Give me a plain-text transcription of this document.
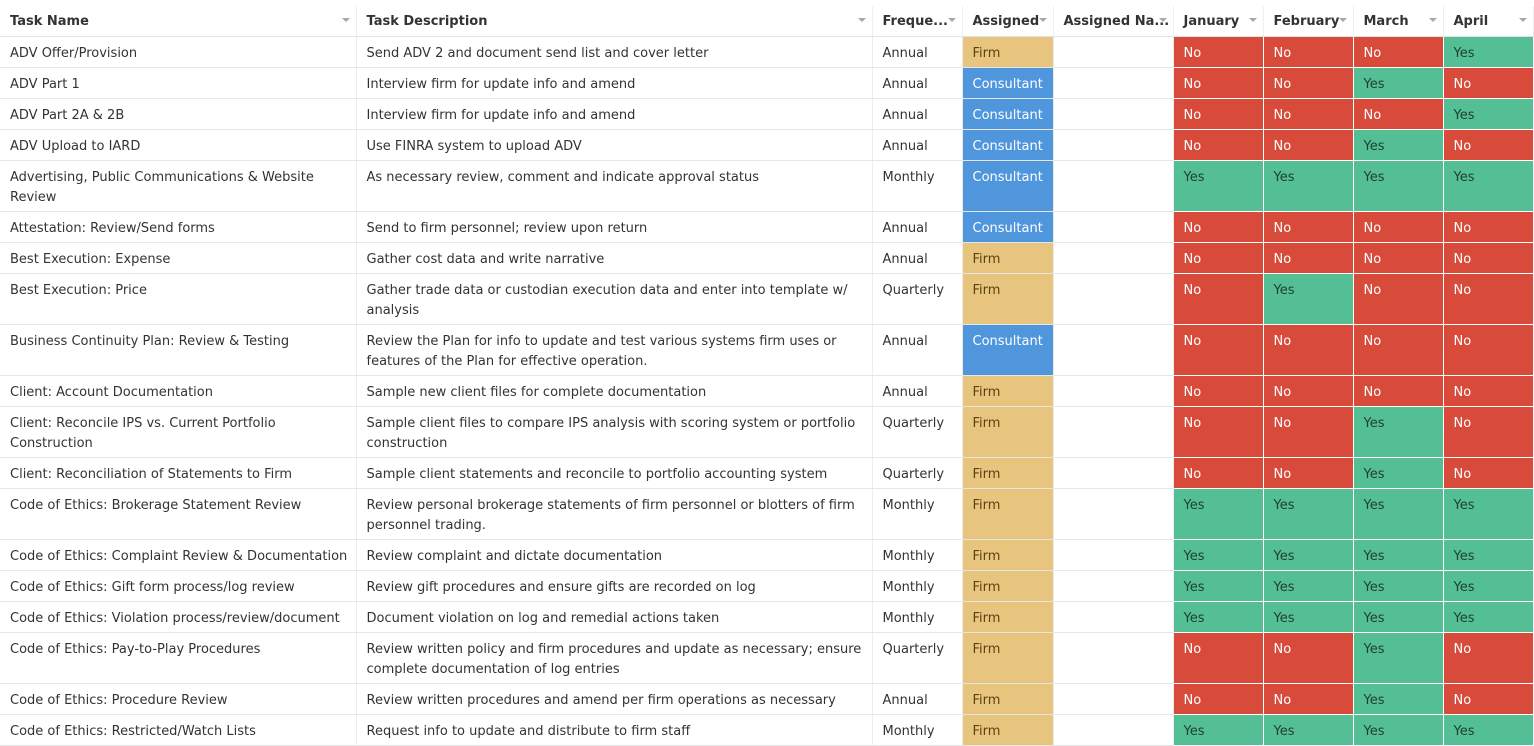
Task Name	Task Description	Freque...	Assigned	Assigned Na...	January	February	March	April

ADV Offer/Provision	Send ADV 2 and document send list and cover letter	Annual	Firm		No	No	No	Yes
ADV Part 1	Interview firm for update info and amend	Annual	Consultant		No	No	Yes	No
ADV Part 2A & 2B	Interview firm for update info and amend	Annual	Consultant		No	No	No	Yes
ADV Upload to IARD	Use FINRA system to upload ADV	Annual	Consultant		No	No	Yes	No
Advertising, Public Communications & Website Review	As necessary review, comment and indicate approval status	Monthly	Consultant		Yes	Yes	Yes	Yes
Attestation: Review/Send forms	Send to firm personnel; review upon return	Annual	Consultant		No	No	No	No
Best Execution: Expense	Gather cost data and write narrative	Annual	Firm		No	No	No	No
Best Execution: Price	Gather trade data or custodian execution data and enter into template w/ analysis	Quarterly	Firm		No	Yes	No	No
Business Continuity Plan: Review & Testing	Review the Plan for info to update and test various systems firm uses or features of the Plan for effective operation.	Annual	Consultant		No	No	No	No
Client: Account Documentation	Sample new client files for complete documentation	Annual	Firm		No	No	No	No
Client: Reconcile IPS vs. Current Portfolio Construction	Sample client files to compare IPS analysis with scoring system or portfolio construction	Quarterly	Firm		No	No	Yes	No
Client: Reconciliation of Statements to Firm	Sample client statements and reconcile to portfolio accounting system	Quarterly	Firm		No	No	Yes	No
Code of Ethics: Brokerage Statement Review	Review personal brokerage statements of firm personnel or blotters of firm personnel trading.	Monthly	Firm		Yes	Yes	Yes	Yes
Code of Ethics: Complaint Review & Documentation	Review complaint and dictate documentation	Monthly	Firm		Yes	Yes	Yes	Yes
Code of Ethics: Gift form process/log review	Review gift procedures and ensure gifts are recorded on log	Monthly	Firm		Yes	Yes	Yes	Yes
Code of Ethics: Violation process/review/document	Document violation on log and remedial actions taken	Monthly	Firm		Yes	Yes	Yes	Yes
Code of Ethics: Pay-to-Play Procedures	Review written policy and firm procedures and update as necessary; ensure complete documentation of log entries	Quarterly	Firm		No	No	Yes	No
Code of Ethics: Procedure Review	Review written procedures and amend per firm operations as necessary	Annual	Firm		No	No	Yes	No
Code of Ethics: Restricted/Watch Lists	Request info to update and distribute to firm staff	Monthly	Firm		Yes	Yes	Yes	Yes
